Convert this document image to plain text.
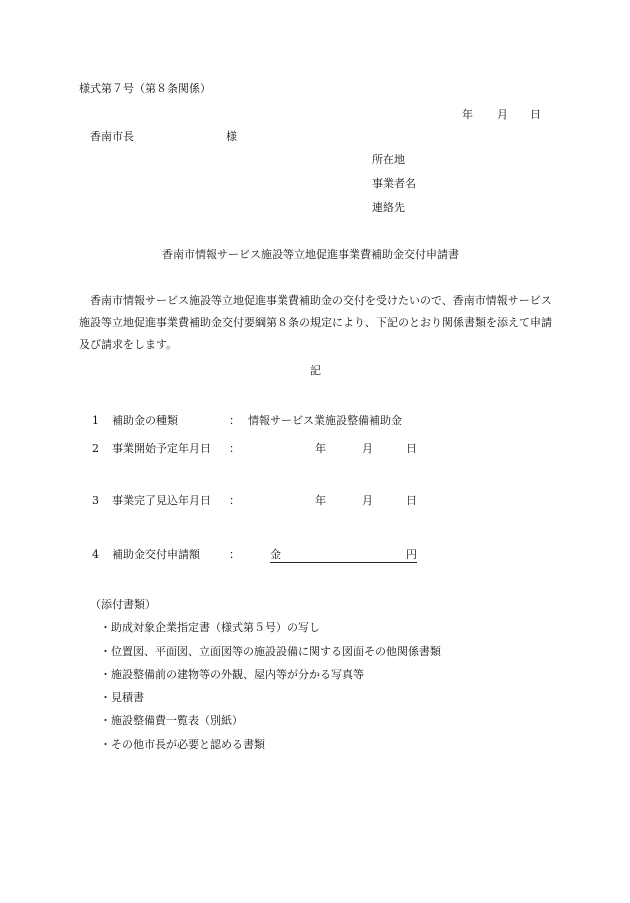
様式第７号（第８条関係）
年 月 日
香南市長	様
所在地
事業者名
連絡先
香南市情報サービス施設等立地促進事業費補助金交付申請書
香南市情報サービス施設等立地促進事業費補助金の交付を受けたいので、香南市情報サービス施設等立地促進事業費補助金交付要綱第８条の規定により、下記のとおり関係書類を添えて申請及び請求をします。
記
1 補助金の種類	： 情報サービス業施設整備補助金
2 事業開始予定年月日 ：	年	月	日
3 事業完了見込年月日 ：	年	月	日
4 補助金交付申請額	：	金	円
（添付書類）
・助成対象企業指定書（様式第５号）の写し
・位置図、平面図、立面図等の施設設備に関する図面その他関係書類
・施設整備前の建物等の外観、屋内等が分かる写真等
・見積書
・施設整備費一覧表（別紙）
・その他市長が必要と認める書類
